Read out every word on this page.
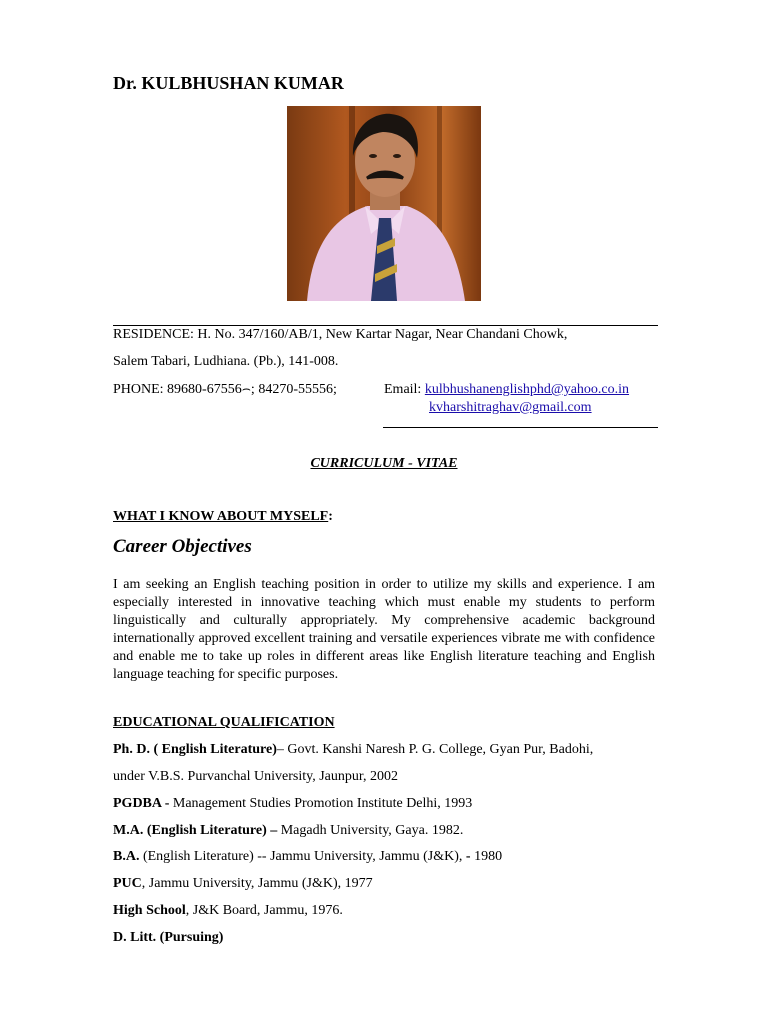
Dr. KULBHUSHAN KUMAR
RESIDENCE: H. No. 347/160/AB/1, New Kartar Nagar, Near Chandani Chowk,
Salem Tabari, Ludhiana. (Pb.), 141-008.
PHONE: 89680-67556⌢; 84270-55556;	Email: kulbhushanenglishphd@yahoo.co.in
kvharshitraghav@gmail.com
CURRICULUM - VITAE
WHAT I KNOW ABOUT MYSELF:
Career Objectives
I am seeking an English teaching position in order to utilize my skills and experience. I am especially interested in innovative teaching which must enable my students to perform linguistically and culturally appropriately. My comprehensive academic background internationally approved excellent training and versatile experiences vibrate me with confidence and enable me to take up roles in different areas like English literature teaching and English language teaching for specific purposes.
EDUCATIONAL QUALIFICATION
Ph. D. ( English Literature)– Govt. Kanshi Naresh P. G. College, Gyan Pur, Badohi,
under V.B.S. Purvanchal University, Jaunpur, 2002
PGDBA - Management Studies Promotion Institute Delhi, 1993
M.A. (English Literature) – Magadh University, Gaya. 1982.
B.A. (English Literature) -- Jammu University, Jammu (J&K), - 1980
PUC, Jammu University, Jammu (J&K), 1977
High School, J&K Board, Jammu, 1976.
D. Litt. (Pursuing)
